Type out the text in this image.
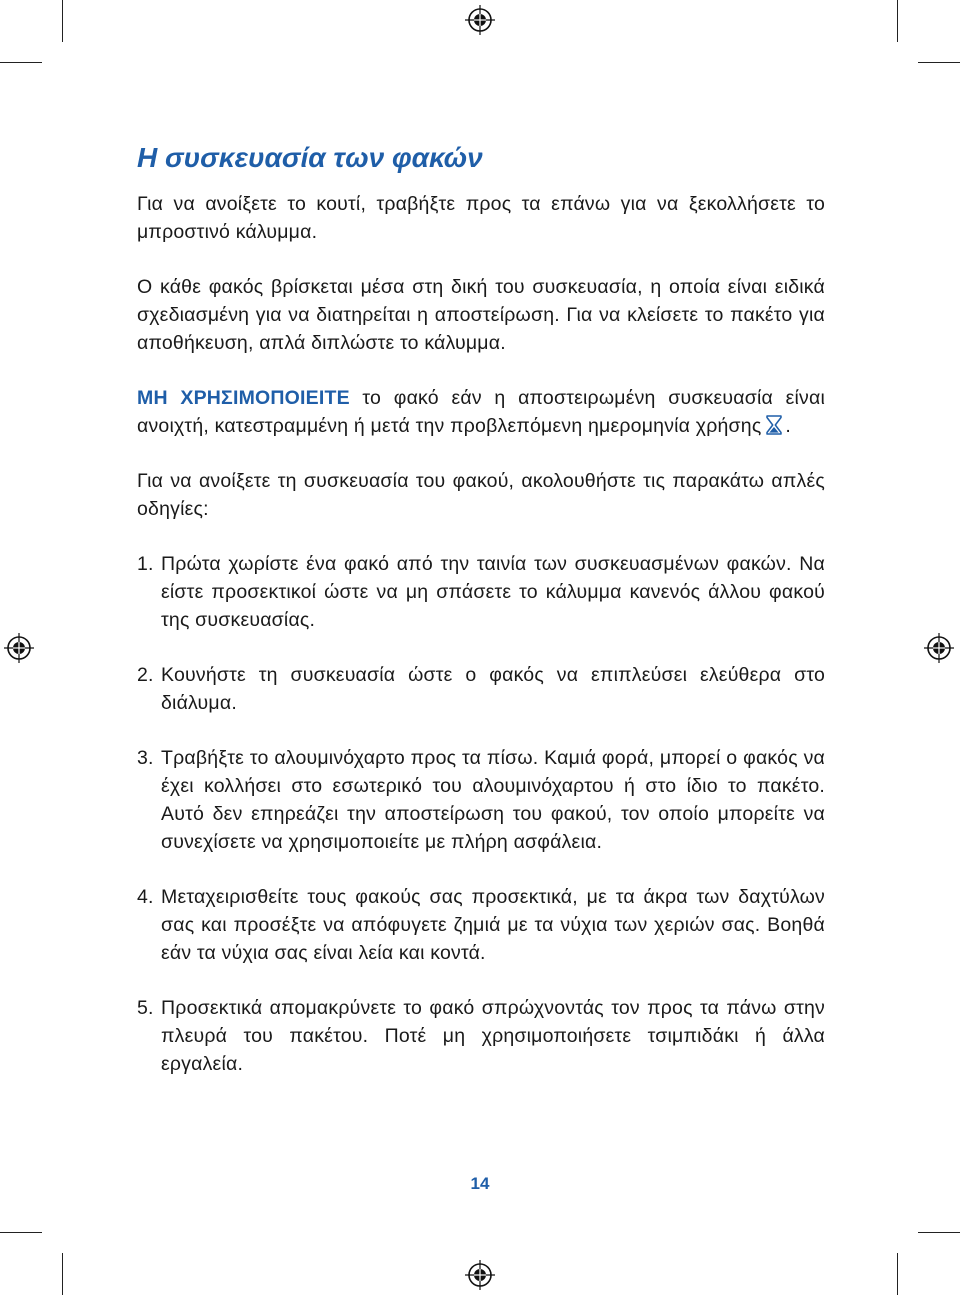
Η συσκευασία των φακών

Για να ανοίξετε το κουτί, τραβήξτε προς τα επάνω για να ξεκολλήσετε το μπροστινό κάλυμμα.

Ο κάθε φακός βρίσκεται μέσα στη δική του συσκευασία, η οποία είναι ειδικά σχεδιασμένη για να διατηρείται η αποστείρωση. Για να κλείσετε το πακέτο για αποθήκευση, απλά διπλώστε το κάλυμμα.

ΜΗ ΧΡΗΣΙΜΟΠΟΙΕΙΤΕ το φακό εάν η αποστειρωμένη συσκευασία είναι ανοιχτή, κατεστραμμένη ή μετά την προβλεπόμενη ημερομηνία χρήσης .

Για να ανοίξετε τη συσκευασία του φακού, ακολουθήστε τις παρακάτω απλές οδηγίες:

1. Πρώτα χωρίστε ένα φακό από την ταινία των συσκευασμένων φακών. Να είστε προσεκτικοί ώστε να μη σπάσετε το κάλυμμα κανενός άλλου φακού της συσκευασίας.
2. Κουνήστε τη συσκευασία ώστε ο φακός να επιπλεύσει ελεύθερα στο διάλυμα.
3. Τραβήξτε το αλουμινόχαρτο προς τα πίσω. Καμιά φορά, μπορεί ο φακός να έχει κολλήσει στο εσωτερικό του αλουμινόχαρτου ή στο ίδιο το πακέτο. Αυτό δεν επηρεάζει την αποστείρωση του φακού, τον οποίο μπορείτε να συνεχίσετε να χρησιμοποιείτε με πλήρη ασφάλεια.
4. Μεταχειρισθείτε τους φακούς σας προσεκτικά, με τα άκρα των δαχτύλων σας και προσέξτε να απόφυγετε ζημιά με τα νύχια των χεριών σας. Βοηθά εάν τα νύχια σας είναι λεία και κοντά.
5. Προσεκτικά απομακρύνετε το φακό σπρώχνοντάς τον προς τα πάνω στην πλευρά του πακέτου. Ποτέ μη χρησιμοποιήσετε τσιμπιδάκι ή άλλα εργαλεία.
14
